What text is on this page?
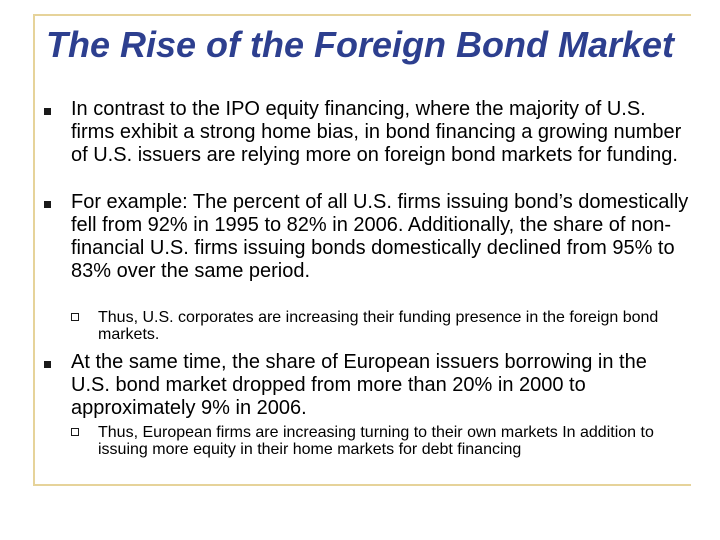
The Rise of the Foreign Bond Market

In contrast to the IPO equity financing, where the majority of U.S. firms exhibit a strong home bias, in bond financing a growing number of U.S. issuers are relying more on foreign bond markets for funding.

For example: The percent of all U.S. firms issuing bond’s domestically fell from 92% in 1995 to 82% in 2006. Additionally, the share of non-financial U.S. firms issuing bonds domestically declined from 95% to 83% over the same period.

Thus, U.S. corporates are increasing their funding presence in the foreign bond markets.

At the same time, the share of European issuers borrowing in the U.S. bond market dropped from more than 20% in 2000 to approximately 9% in 2006.

Thus, European firms are increasing turning to their own markets In addition to issuing more equity in their home markets for debt financing
